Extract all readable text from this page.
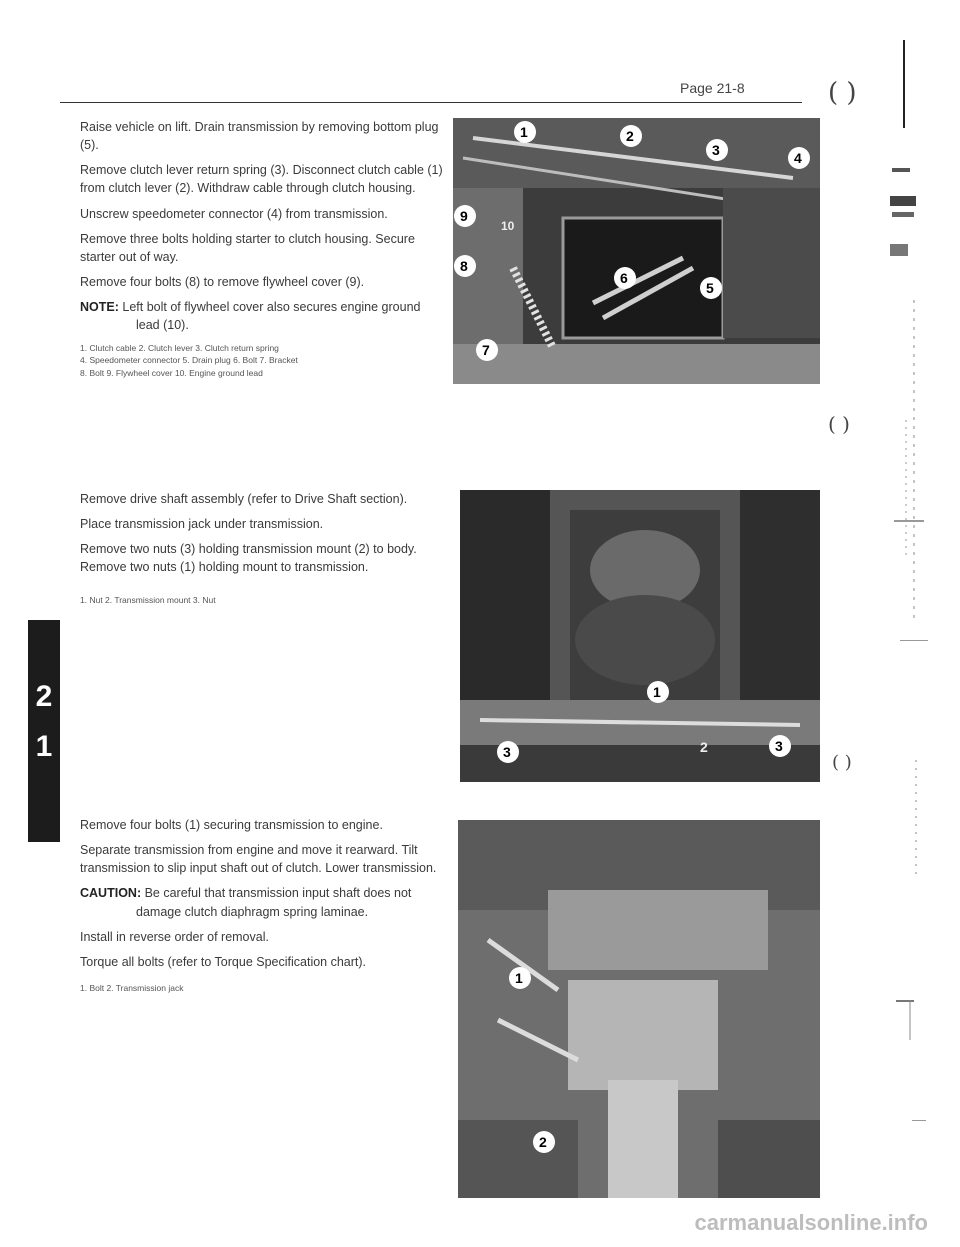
Page 21-8	( )
( )
( )
2
1

Raise vehicle on lift. Drain transmission by removing bottom plug (5).

Remove clutch lever return spring (3). Disconnect clutch cable (1) from clutch lever (2). Withdraw cable through clutch housing.

Unscrew speedometer connector (4) from transmission.

Remove three bolts holding starter to clutch housing. Secure starter out of way.

Remove four bolts (8) to remove flywheel cover (9).

NOTE: Left bolt of flywheel cover also secures engine ground
lead (10).

1. Clutch cable 2. Clutch lever 3. Clutch return spring
4. Speedometer connector 5. Drain plug 6. Bolt 7. Bracket
8. Bolt 9. Flywheel cover 10. Engine ground lead
1	2
3	4
5
6
7
8
9
10

Remove drive shaft assembly (refer to Drive Shaft section).

Place transmission jack under transmission.

Remove two nuts (3) holding transmission mount (2) to body. Remove two nuts (1) holding mount to transmission.

1. Nut 2. Transmission mount 3. Nut
1
2
3	3

Remove four bolts (1) securing transmission to engine.

Separate transmission from engine and move it rearward. Tilt transmission to slip input shaft out of clutch. Lower transmission.

CAUTION: Be careful that transmission input shaft does not
damage clutch diaphragm spring laminae.

Install in reverse order of removal.

Torque all bolts (refer to Torque Specification chart).

1. Bolt 2. Transmission jack
1
2
carmanualsonline.info
